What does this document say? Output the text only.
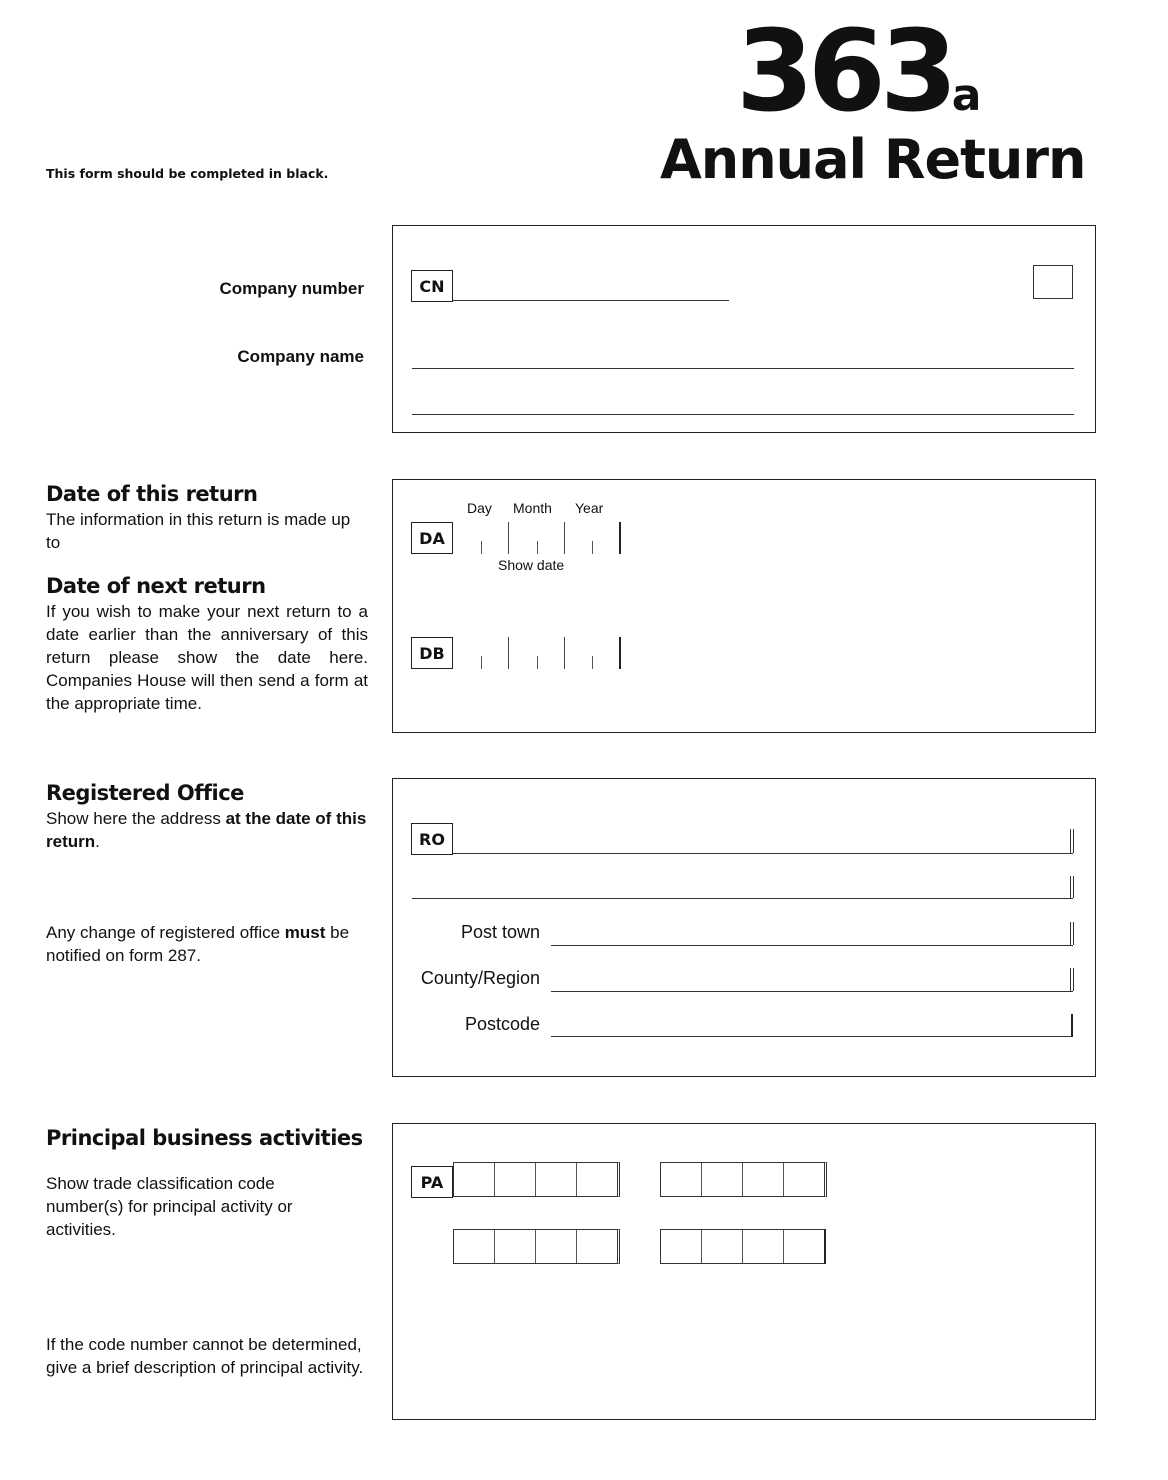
363a
Annual Return
This form should be completed in black.
Company number
Company name
CN
Date of this return
The information in this return is made up to
Date of next return
If you wish to make your next return to a date earlier than the anniversary of this return please show the date here. Companies House will then send a form at the appropriate time.
Day Month Year
DA
Show date
DB
Registered Office
Show here the address at the date of this return.
Any change of registered office must be notified on form 287.
RO
Post town
County/Region
Postcode
Principal business activities
Show trade classification code number(s) for principal activity or activities.
If the code number cannot be determined, give a brief description of principal activity.
PA
